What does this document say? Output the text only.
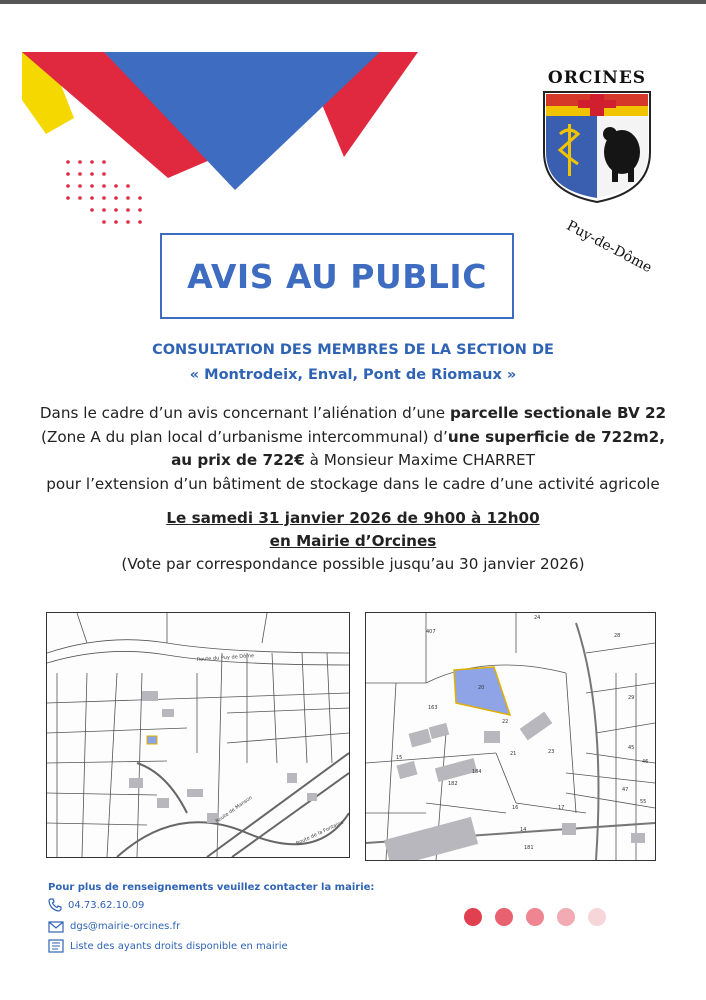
ORCINES
Puy-de-Dôme
AVIS AU PUBLIC
CONSULTATION DES MEMBRES DE LA SECTION DE
« Montrodeix, Enval, Pont de Riomaux »
Dans le cadre d’un avis concernant l’aliénation d’une parcelle sectionale BV 22
(Zone A du plan local d’urbanisme intercommunal) d’une superficie de 722m2,
au prix de 722€ à Monsieur Maxime CHARRET
pour l’extension d’un bâtiment de stockage dans le cadre d’une activité agricole
Le samedi 31 janvier 2026 de 9h00 à 12h00
en Mairie d’Orcines
(Vote par correspondance possible jusqu’au 30 janvier 2026)
Route du Puy de Dôme
Route de Manson
Route de la Fontaine
407
20
22
163
24
23
21
15
184
182
181
16
14
17
28
29
45
46
47
55
Pour plus de renseignements veuillez contacter la mairie:
04.73.62.10.09
dgs@mairie-orcines.fr
Liste des ayants droits disponible en mairie
